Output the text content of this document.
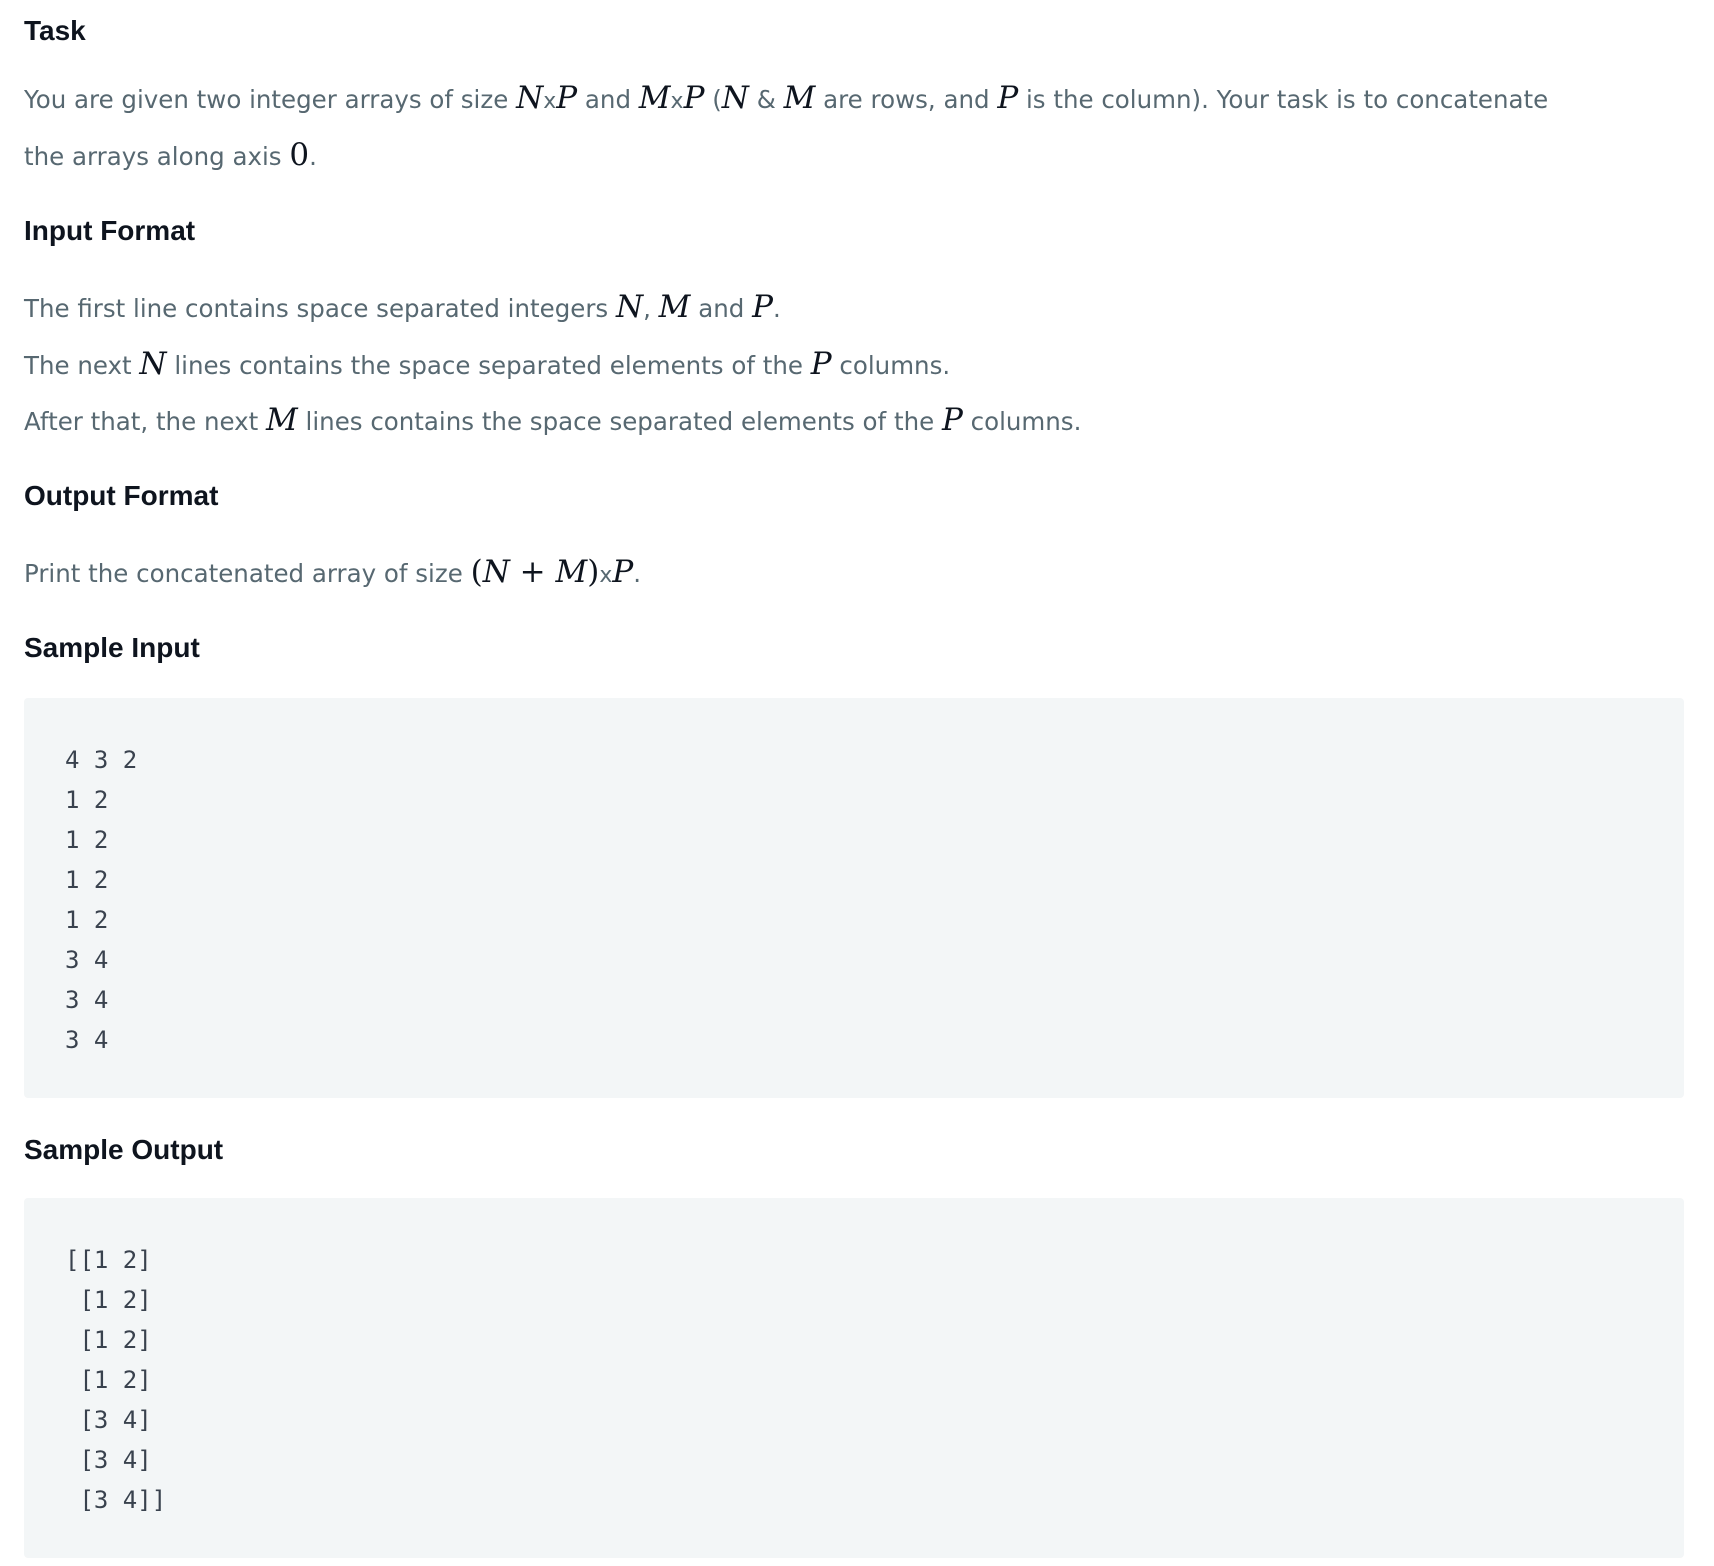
Task
You are given two integer arrays of size NxP and MxP (N & M are rows, and P is the column). Your task is to concatenate
the arrays along axis 0.
Input Format
The first line contains space separated integers N, M and P.
The next N lines contains the space separated elements of the P columns.
After that, the next M lines contains the space separated elements of the P columns.
Output Format
Print the concatenated array of size (N + M)xP.
Sample Input
4 3 2
1 2
1 2
1 2
1 2
3 4
3 4
3 4
Sample Output
[[1 2]
[1 2]
[1 2]
[1 2]
[3 4]
[3 4]
[3 4]]
